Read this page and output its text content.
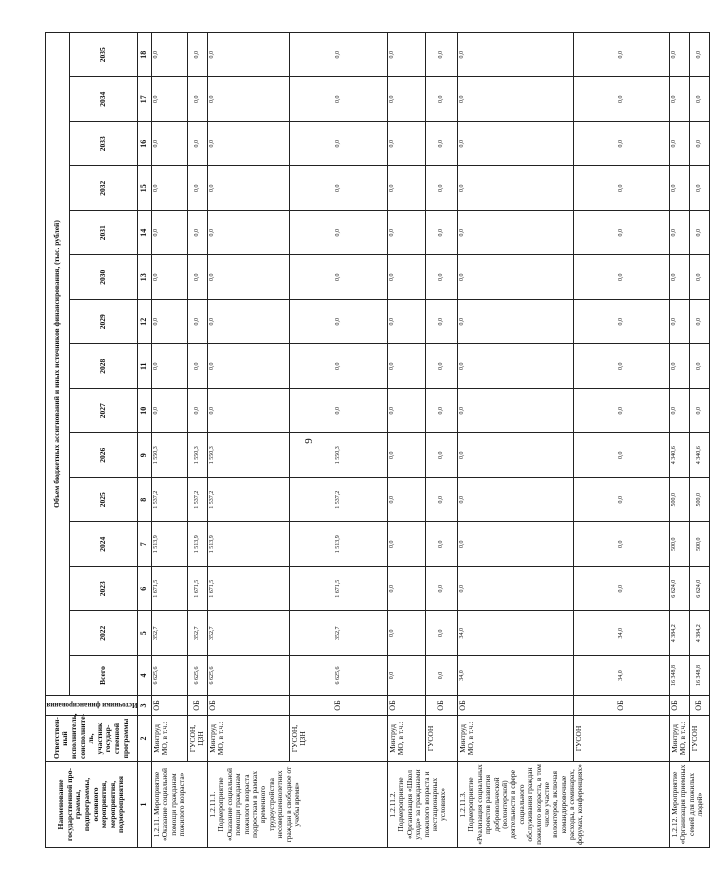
9
Наименование государственной про-граммы, подпрограммы, основного мероприятия, мероприятия, подмероприятия	Ответствен-ный исполнитель, соисполните-ль, участник государ-ственной программы	Источники финансирования	Объем бюджетных ассигнований и иных источников финансирования, (тыс. рублей)														
			Всего	2022	2023	2024	2025	2026	2027	2028	2029	2030	2031	2032	2033	2034	2035
1	2	3	4	5	6	7	8	9	10	11	12	13	14	15	16	17	18
1.2.11. Мероприятие «Оказание социальной помощи гражданам пожилого возраста»	Минтруд МО, в т.ч.:	ОБ	6 625,6	352,7	1 671,5	1 513,9	1 537,2	1 550,3	0,0	0,0	0,0	0,0	0,0	0,0	0,0	0,0	0,0
	ГУСОН, ЦЗН	ОБ	6 625,6	352,7	1 671,5	1 513,9	1 537,2	1 550,3	0,0	0,0	0,0	0,0	0,0	0,0	0,0	0,0	0,0
1.2.11.1. Подмероприятие «Оказание социальной помощи гражданам пожилого возраста подросткам в рамках временного трудоустройства несовершеннолетних граждан в свободное от учебы время»	Минтруд МО, в т.ч.:	ОБ	6 625,6	352,7	1 671,5	1 513,9	1 537,2	1 550,3	0,0	0,0	0,0	0,0	0,0	0,0	0,0	0,0	0,0
	ГУСОН, ЦЗН	ОБ	6 625,6	352,7	1 671,5	1 513,9	1 537,2	1 550,3	0,0	0,0	0,0	0,0	0,0	0,0	0,0	0,0	0,0
1.2.11.2. Подмероприятие «Организация «Школ ухода» за гражданами пожилого возраста и нестационарных условиях»	Минтруд МО, в т.ч.:	ОБ	0,0	0,0	0,0	0,0	0,0	0,0	0,0	0,0	0,0	0,0	0,0	0,0	0,0	0,0	0,0
	ГУСОН	ОБ	0,0	0,0	0,0	0,0	0,0	0,0	0,0	0,0	0,0	0,0	0,0	0,0	0,0	0,0	0,0
1.2.11.3. Подмероприятие «Реализация социальных проектов развития добровольческой (волонтерской) деятельности в сфере социального обслуживания граждан пожилого возраста, в том числе участие волонтеров, включая командировочные расходы, в семинарах, форумах, конференциях»	Минтруд МО, в т.ч.:	ОБ	34,0	34,0	0,0	0,0	0,0	0,0	0,0	0,0	0,0	0,0	0,0	0,0	0,0	0,0	0,0
	ГУСОН	ОБ	34,0	34,0	0,0	0,0	0,0	0,0	0,0	0,0	0,0	0,0	0,0	0,0	0,0	0,0	0,0
1.2.12. Мероприятие «Организация приемных семей для пожилых людей»	Минтруд МО, в т.ч.:	ОБ	16 348,8	4 384,2	6 624,0	500,0	500,0	4 340,6	0,0	0,0	0,0	0,0	0,0	0,0	0,0	0,0	0,0
	ГУСОН	ОБ	16 348,8	4 384,2	6 624,0	500,0	500,0	4 340,6	0,0	0,0	0,0	0,0	0,0	0,0	0,0	0,0	0,0
